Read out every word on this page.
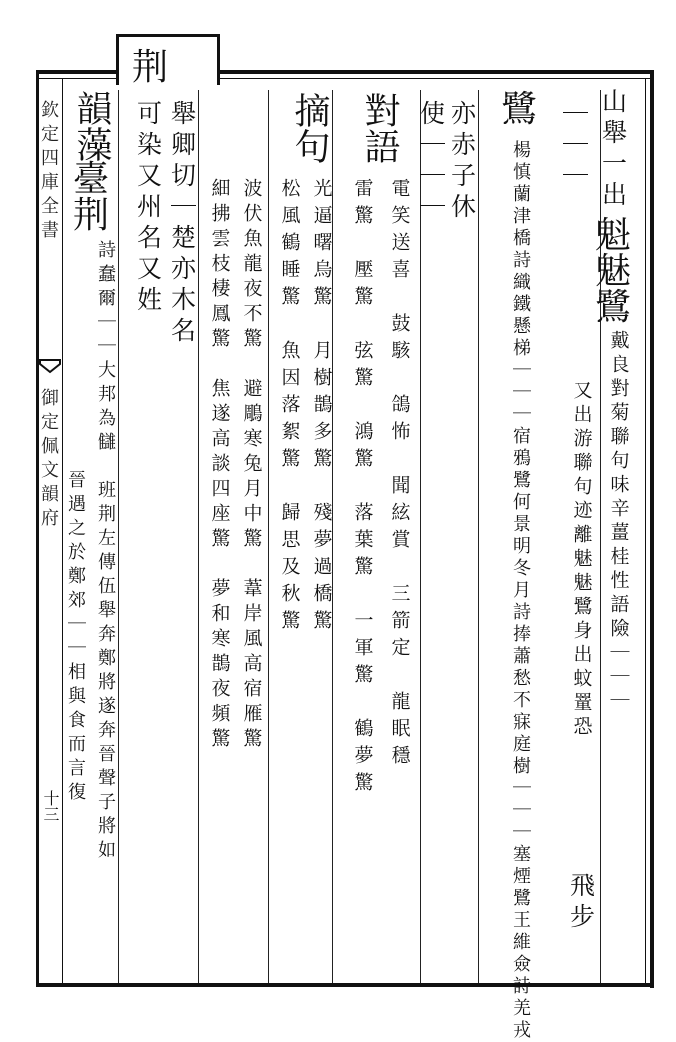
荆
欽定四庫全書
御定佩文韻府
十三
山舉一出
魁
魅
鷺
戴良對菊聯句味辛薑桂性語險｜｜｜
飛步
｜｜｜
又出游聯句迹離魅魅鷺身出蚊罿恐
鷺
楊慎蘭津橋詩織鐵懸梯｜｜｜宿鴉鷺何景明冬月詩捧蕭愁不寐庭樹｜｜｜塞煙鷺王維僉詩羌戎
亦赤子休
使｜｜｜
對語
電笑送喜　鼓駭　鴿怖　聞絃賞　三箭定　龍眠穩
雷驚　壓驚　弦驚　鴻驚　落葉驚　一軍驚　鶴夢驚
摘句
光逼曙烏驚　月樹鵲多驚　殘夢過橋驚
松風鶴睡驚　魚因落絮驚　歸思及秋驚
波伏魚龍夜不驚　避鵰寒兔月中驚　葦岸風高宿雁驚
細拂雲枝棲鳳驚　焦遂高談四座驚　夢和寒鵲夜頻驚
舉卿切｜楚亦木名
可染又州名又姓
韻藻
臺
荆
詩蠢爾｜｜大邦為讎　班荆左傳伍舉奔鄭將遂奔晉聲子將如
晉遇之於鄭郊｜｜相與食而言復
